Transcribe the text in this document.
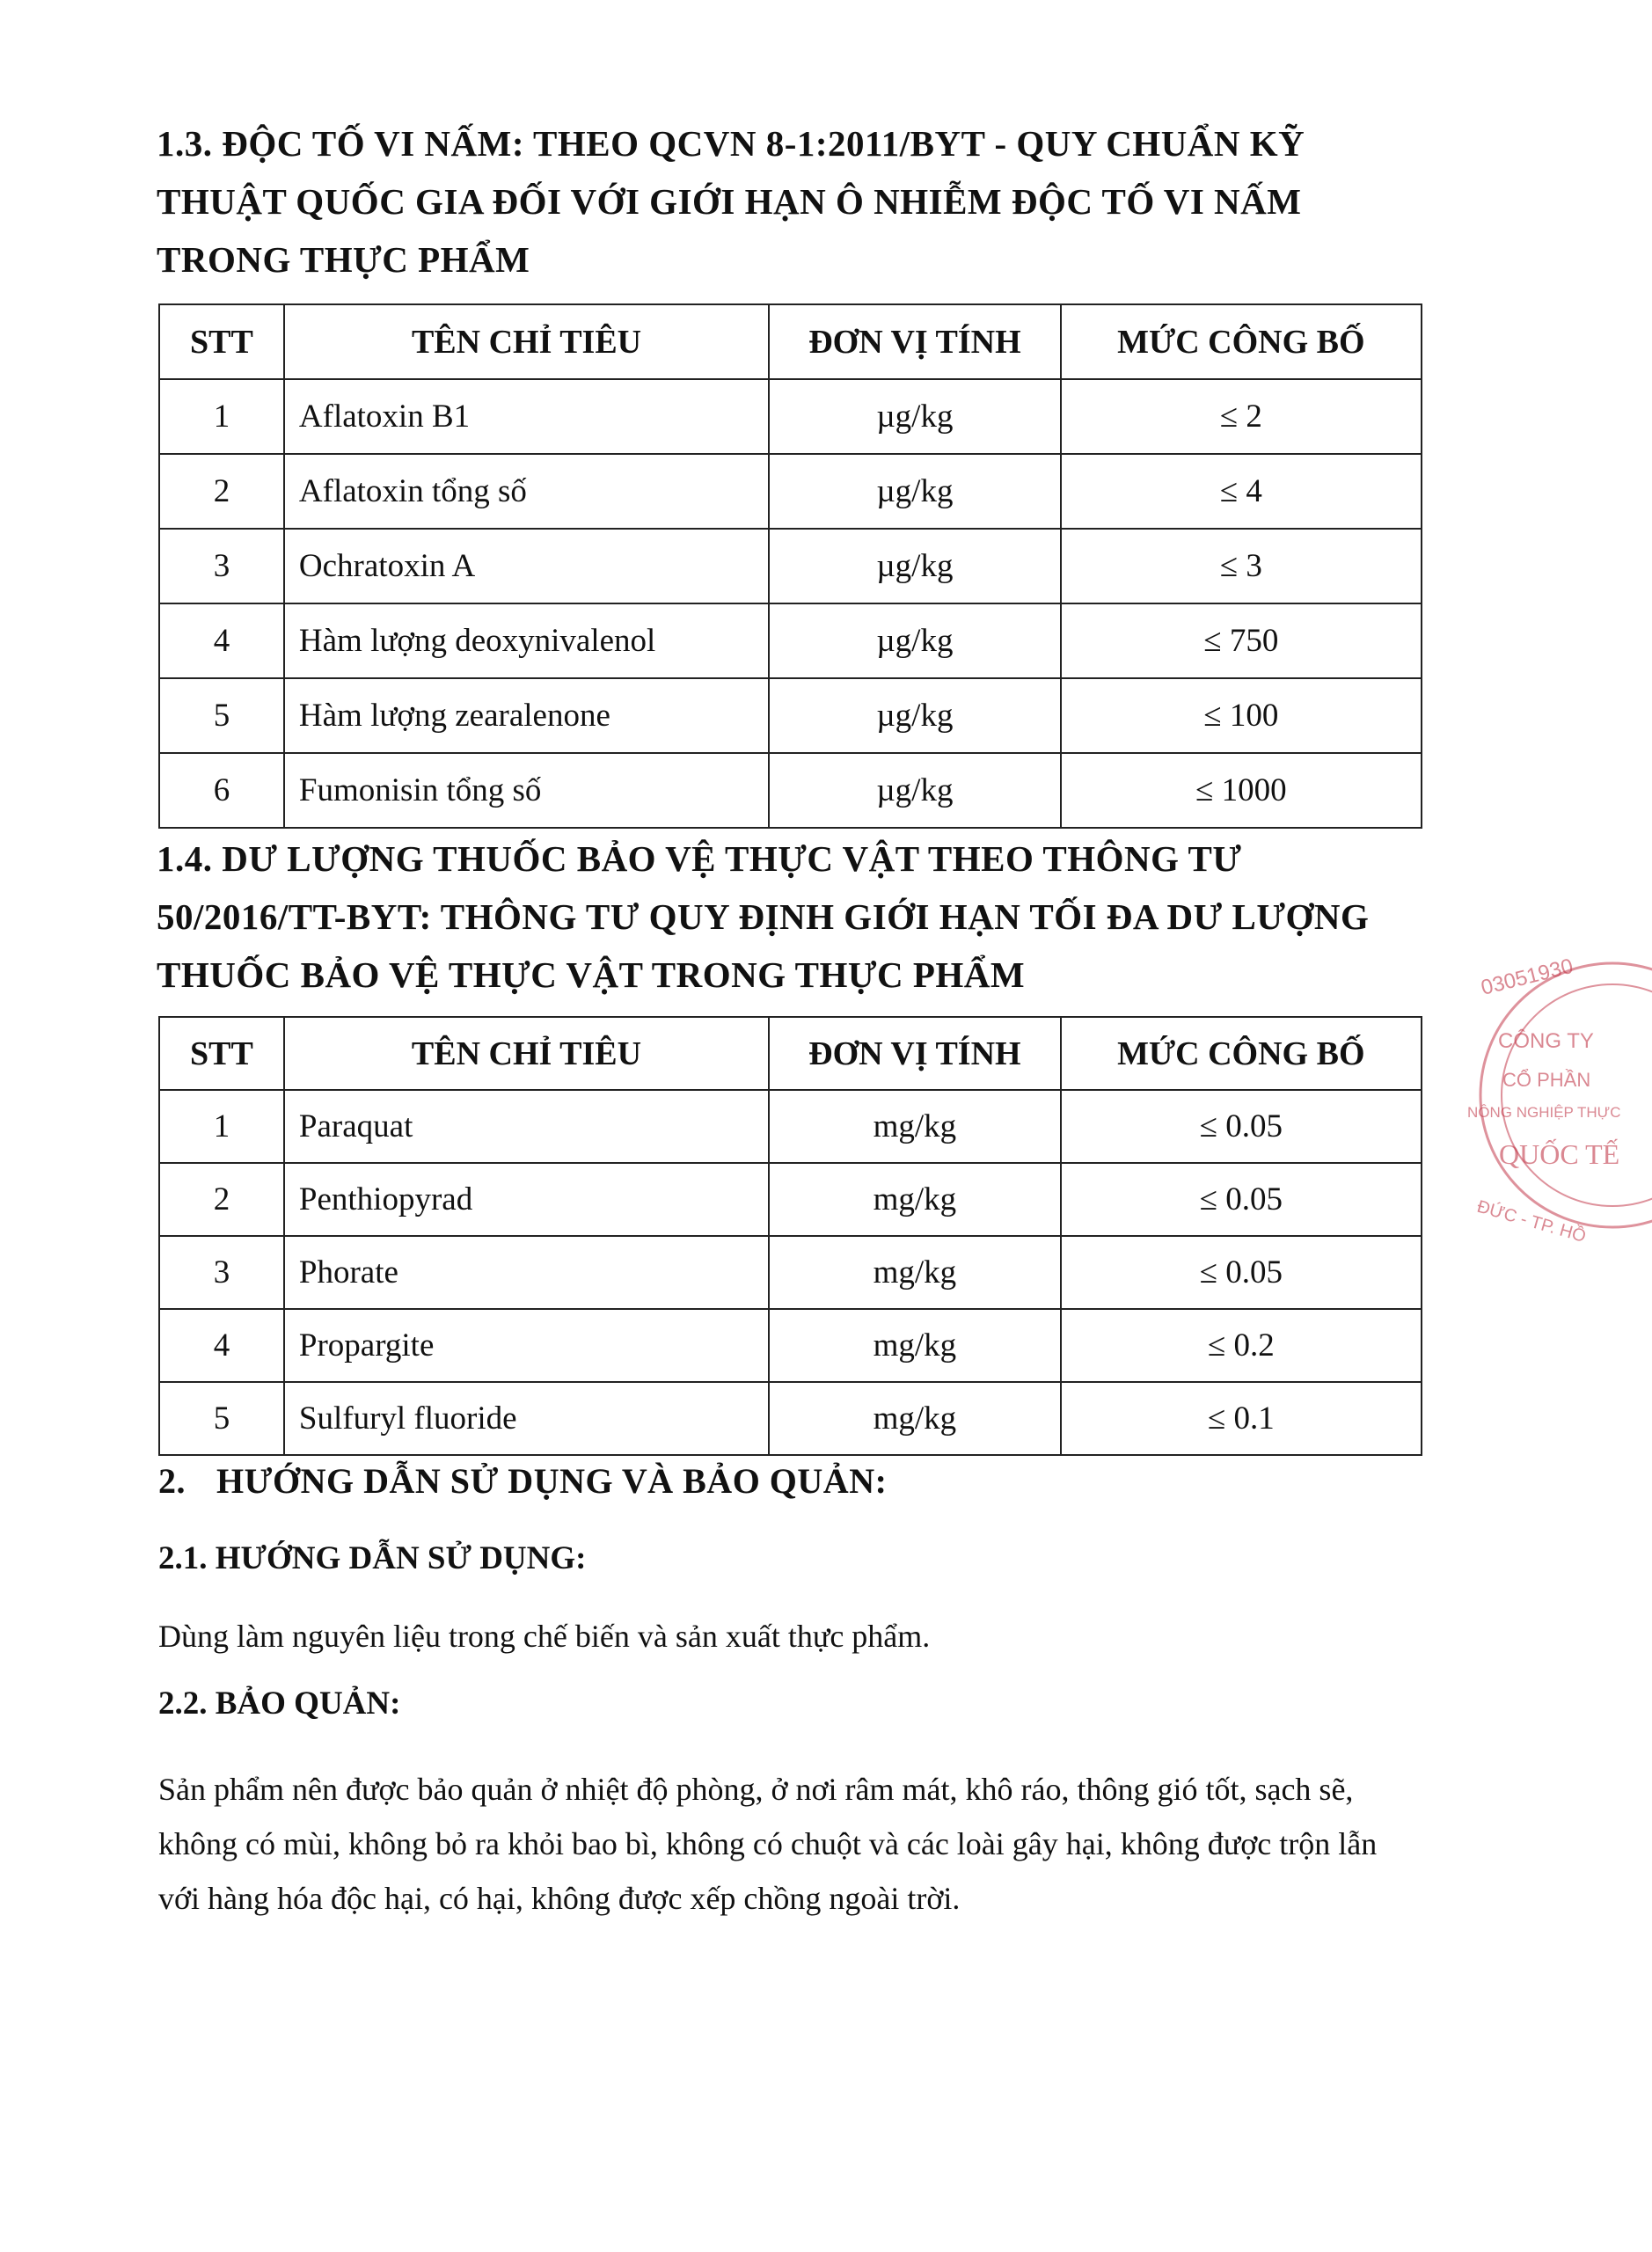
1.3. ĐỘC TỐ VI NẤM: THEO QCVN 8-1:2011/BYT - QUY CHUẨN KỸ THUẬT QUỐC GIA ĐỐI VỚI GIỚI HẠN Ô NHIỄM ĐỘC TỐ VI NẤM TRONG THỰC PHẨM
STT	TÊN CHỈ TIÊU	ĐƠN VỊ TÍNH	MỨC CÔNG BỐ
1	Aflatoxin B1	µg/kg	≤ 2
2	Aflatoxin tổng số	µg/kg	≤ 4
3	Ochratoxin A	µg/kg	≤ 3
4	Hàm lượng deoxynivalenol	µg/kg	≤ 750
5	Hàm lượng zearalenone	µg/kg	≤ 100
6	Fumonisin tổng số	µg/kg	≤ 1000
1.4. DƯ LƯỢNG THUỐC BẢO VỆ THỰC VẬT THEO THÔNG TƯ 50/2016/TT-BYT: THÔNG TƯ QUY ĐỊNH GIỚI HẠN TỐI ĐA DƯ LƯỢNG THUỐC BẢO VỆ THỰC VẬT TRONG THỰC PHẨM
STT	TÊN CHỈ TIÊU	ĐƠN VỊ TÍNH	MỨC CÔNG BỐ
1	Paraquat	mg/kg	≤ 0.05
2	Penthiopyrad	mg/kg	≤ 0.05
3	Phorate	mg/kg	≤ 0.05
4	Propargite	mg/kg	≤ 0.2
5	Sulfuryl fluoride	mg/kg	≤ 0.1
2. HƯỚNG DẪN SỬ DỤNG VÀ BẢO QUẢN:
2.1. HƯỚNG DẪN SỬ DỤNG:

Dùng làm nguyên liệu trong chế biến và sản xuất thực phẩm.

2.2. BẢO QUẢN:

Sản phẩm nên được bảo quản ở nhiệt độ phòng, ở nơi râm mát, khô ráo, thông gió tốt, sạch sẽ, không có mùi, không bỏ ra khỏi bao bì, không có chuột và các loài gây hại, không được trộn lẫn với hàng hóa độc hại, có hại, không được xếp chồng ngoài trời.

03051930
CÔNG TY
CỔ PHẦN
NÔNG NGHIỆP THỰC
QUỐC TẾ
ĐỨC - TP. HỒ
